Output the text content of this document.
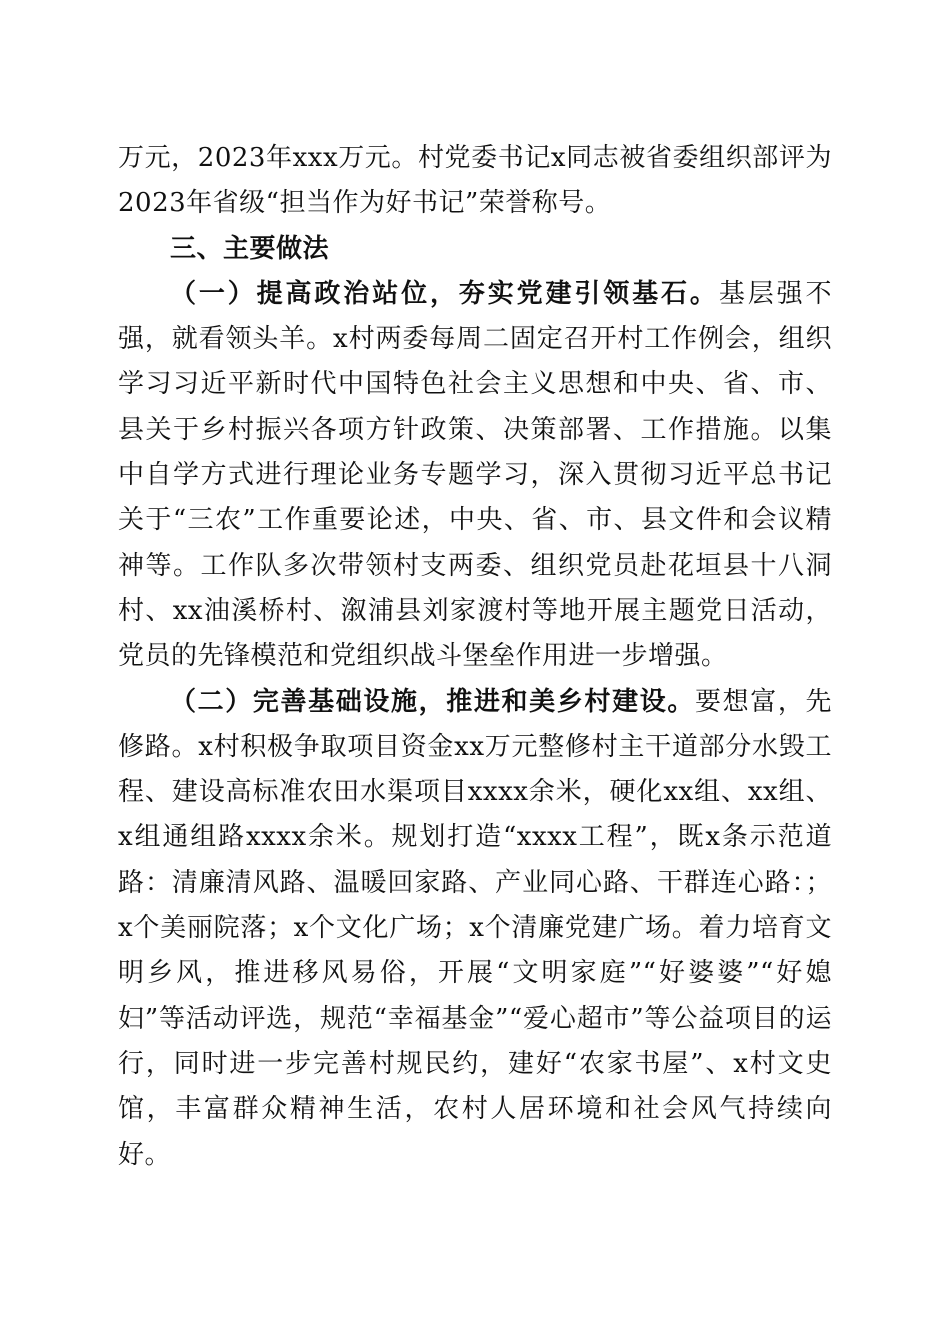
万元，2023年xxx万元。村党委书记x同志被省委组织部评为2023年省级“担当作为好书记”荣誉称号。

三、主要做法

（一）提高政治站位，夯实党建引领基石。基层强不强，就看领头羊。x村两委每周二固定召开村工作例会，组织学习习近平新时代中国特色社会主义思想和中央、省、市、县关于乡村振兴各项方针政策、决策部署、工作措施。以集中自学方式进行理论业务专题学习，深入贯彻习近平总书记关于“三农”工作重要论述，中央、省、市、县文件和会议精神等。工作队多次带领村支两委、组织党员赴花垣县十八洞村、xx油溪桥村、溆浦县刘家渡村等地开展主题党日活动，党员的先锋模范和党组织战斗堡垒作用进一步增强。

（二）完善基础设施，推进和美乡村建设。要想富，先修路。x村积极争取项目资金xx万元整修村主干道部分水毁工程、建设高标准农田水渠项目xxxx余米，硬化xx组、xx组、x组通组路xxxx余米。规划打造“xxxx工程”，既x条示范道路：清廉清风路、温暖回家路、产业同心路、干群连心路：；x个美丽院落；x个文化广场；x个清廉党建广场。着力培育文明乡风，推进移风易俗，开展“文明家庭”“好婆婆”“好媳妇”等活动评选，规范“幸福基金”“爱心超市”等公益项目的运行，同时进一步完善村规民约，建好“农家书屋”、x村文史馆，丰富群众精神生活，农村人居环境和社会风气持续向好。
